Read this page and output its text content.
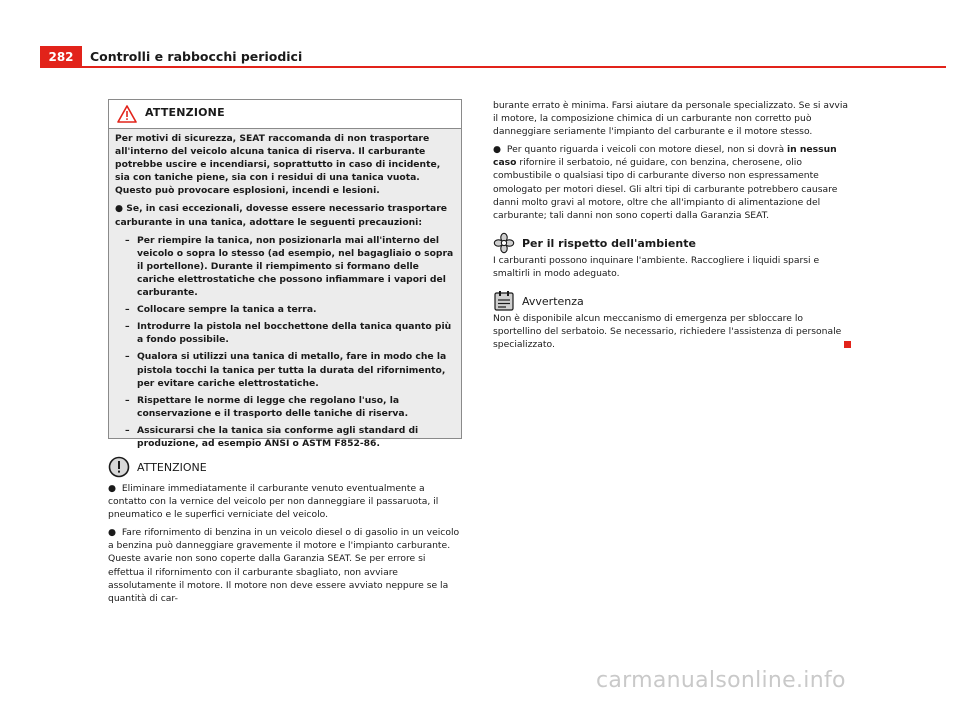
282	Controlli e rabbocchi periodici
ATTENZIONE

Per motivi di sicurezza, SEAT raccomanda di non trasportare all'interno del veicolo alcuna tanica di riserva. Il carburante potrebbe uscire e incendiarsi, soprattutto in caso di incidente, sia con taniche piene, sia con i residui di una tanica vuota. Questo può provocare esplosioni, incendi e lesioni.

● Se, in casi eccezionali, dovesse essere necessario trasportare carburante in una tanica, adottare le seguenti precauzioni:

– Per riempire la tanica, non posizionarla mai all'interno del veicolo o sopra lo stesso (ad esempio, nel bagagliaio o sopra il portellone). Durante il riempimento si formano delle cariche elettrostatiche che possono infiammare i vapori del carburante.
– Collocare sempre la tanica a terra.
– Introdurre la pistola nel bocchettone della tanica quanto più a fondo possibile.
– Qualora si utilizzi una tanica di metallo, fare in modo che la pistola tocchi la tanica per tutta la durata del rifornimento, per evitare cariche elettrostatiche.
– Rispettare le norme di legge che regolano l'uso, la conservazione e il trasporto delle taniche di riserva.
– Assicurarsi che la tanica sia conforme agli standard di produzione, ad esempio ANSI o ASTM F852-86.
ATTENZIONE

●  Eliminare immediatamente il carburante venuto eventualmente a contatto con la vernice del veicolo per non danneggiare il passaruota, il pneumatico e le superfici verniciate del veicolo.

●  Fare rifornimento di benzina in un veicolo diesel o di gasolio in un veicolo a benzina può danneggiare gravemente il motore e l'impianto carburante. Queste avarie non sono coperte dalla Garanzia SEAT. Se per errore si effettua il rifornimento con il carburante sbagliato, non avviare assolutamente il motore. Il motore non deve essere avviato neppure se la quantità di car-

burante errato è minima. Farsi aiutare da personale specializzato. Se si avvia il motore, la composizione chimica di un carburante non corretto può danneggiare seriamente l'impianto del carburante e il motore stesso.

●  Per quanto riguarda i veicoli con motore diesel, non si dovrà in nessun caso rifornire il serbatoio, né guidare, con benzina, cherosene, olio combustibile o qualsiasi tipo di carburante diverso non espressamente omologato per motori diesel. Gli altri tipi di carburante potrebbero causare danni molto gravi al motore, oltre che all'impianto di alimentazione del carburante; tali danni non sono coperti dalla Garanzia SEAT.

Per il rispetto dell'ambiente

I carburanti possono inquinare l'ambiente. Raccogliere i liquidi sparsi e smaltirli in modo adeguato.

Avvertenza

Non è disponibile alcun meccanismo di emergenza per sbloccare lo sportellino del serbatoio. Se necessario, richiedere l'assistenza di personale specializzato.

carmanualsonline.info
